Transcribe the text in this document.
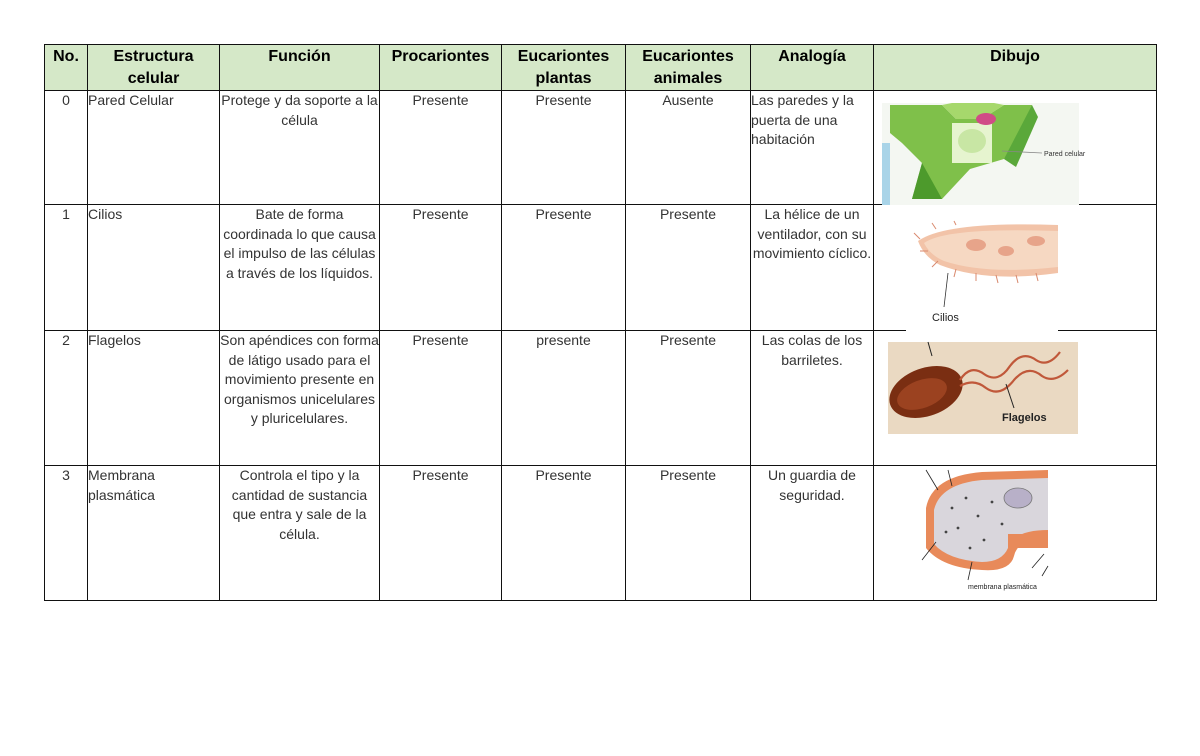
No.	Estructura celular	Función	Procariontes	Eucariontes plantas	Eucariontes animales	Analogía	Dibujo
0	Pared Celular	Protege y da soporte a la célula	Presente	Presente	Ausente	Las paredes y la puerta de una habitación	Pared celular

1	Cilios	Bate de forma coordinada lo que causa el impulso de las células a través de los líquidos.	Presente	Presente	Presente	La hélice de un ventilador, con su movimiento cíclico.	Cilios

2	Flagelos	Son apéndices con forma de látigo usado para el movimiento presente en organismos unicelulares y pluricelulares.	Presente	presente	Presente	Las colas de los barriletes.	Flagelos

3	Membrana plasmática	Controla el tipo y la cantidad de sustancia que entra y sale de la célula.	Presente	Presente	Presente	Un guardia de seguridad.	membrana plasmática
